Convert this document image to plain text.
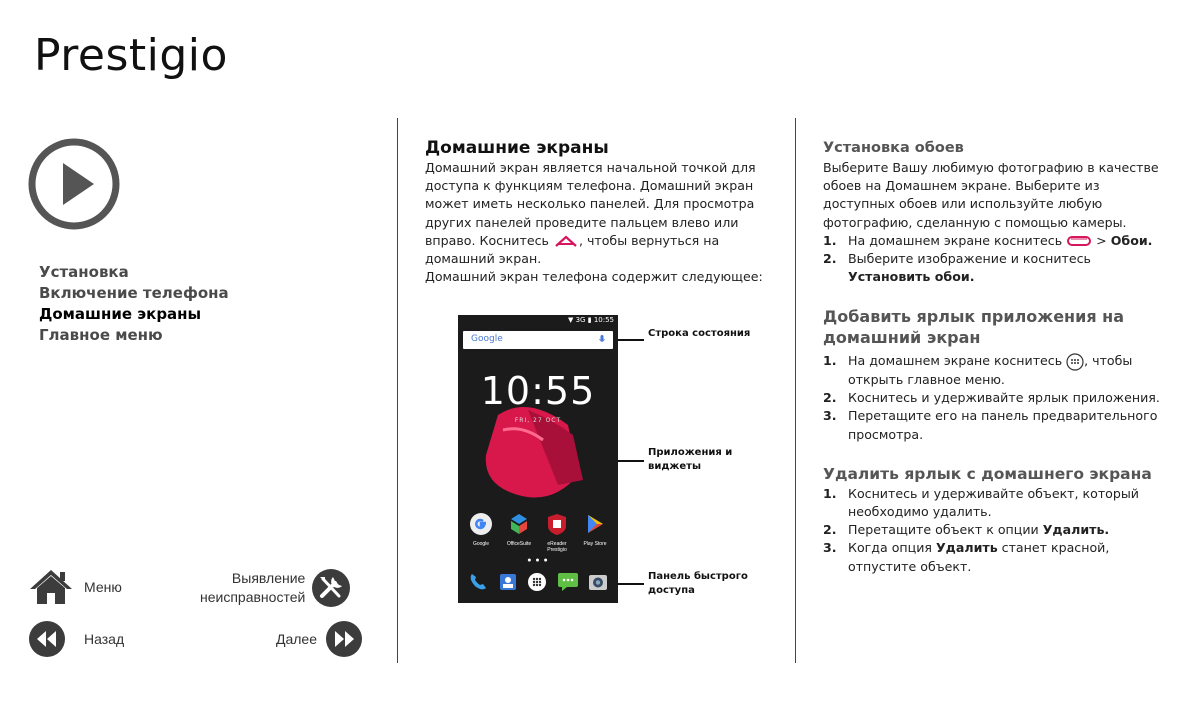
Prestigio
Установка
Включение телефона
Домашние экраны
Главное меню
Меню
Выявление
неисправностей
Назад	Далее
Домашние экраны

Домашний экран является начальной точкой для доступа к функциям телефона. Домашний экран может иметь несколько панелей. Для просмотра других панелей проведите пальцем влево или вправо. Коснитесь , чтобы вернуться на домашний экран.

Домашний экран телефона содержит следующее:

▼ 3G ▮ 10:55
Google
10:55
FRI, 27 OCT
Google	OfficeSuite	eReader Prestigio
Play Store
● ● ●
Строка состояния
Приложения и
виджеты
Панель быстрого
доступа
Установка обоев

Выберите Вашу любимую фотографию в качестве обоев на Домашнем экране. Выберите из доступных обоев или используйте любую фотографию, сделанную с помощью камеры.

1. На домашнем экране коснитесь  > Обои.
2. Выберите изображение и коснитесь Установить обои.
Добавить ярлык приложения на домашний экран
1. На домашнем экране коснитесь , чтобы открыть главное меню.
2. Коснитесь и удерживайте ярлык приложения.
3. Перетащите его на панель предварительного просмотра.
Удалить ярлык с домашнего экрана
1. Коснитесь и удерживайте объект, который необходимо удалить.
2. Перетащите объект к опции Удалить.
3. Когда опция Удалить станет красной, отпустите объект.
